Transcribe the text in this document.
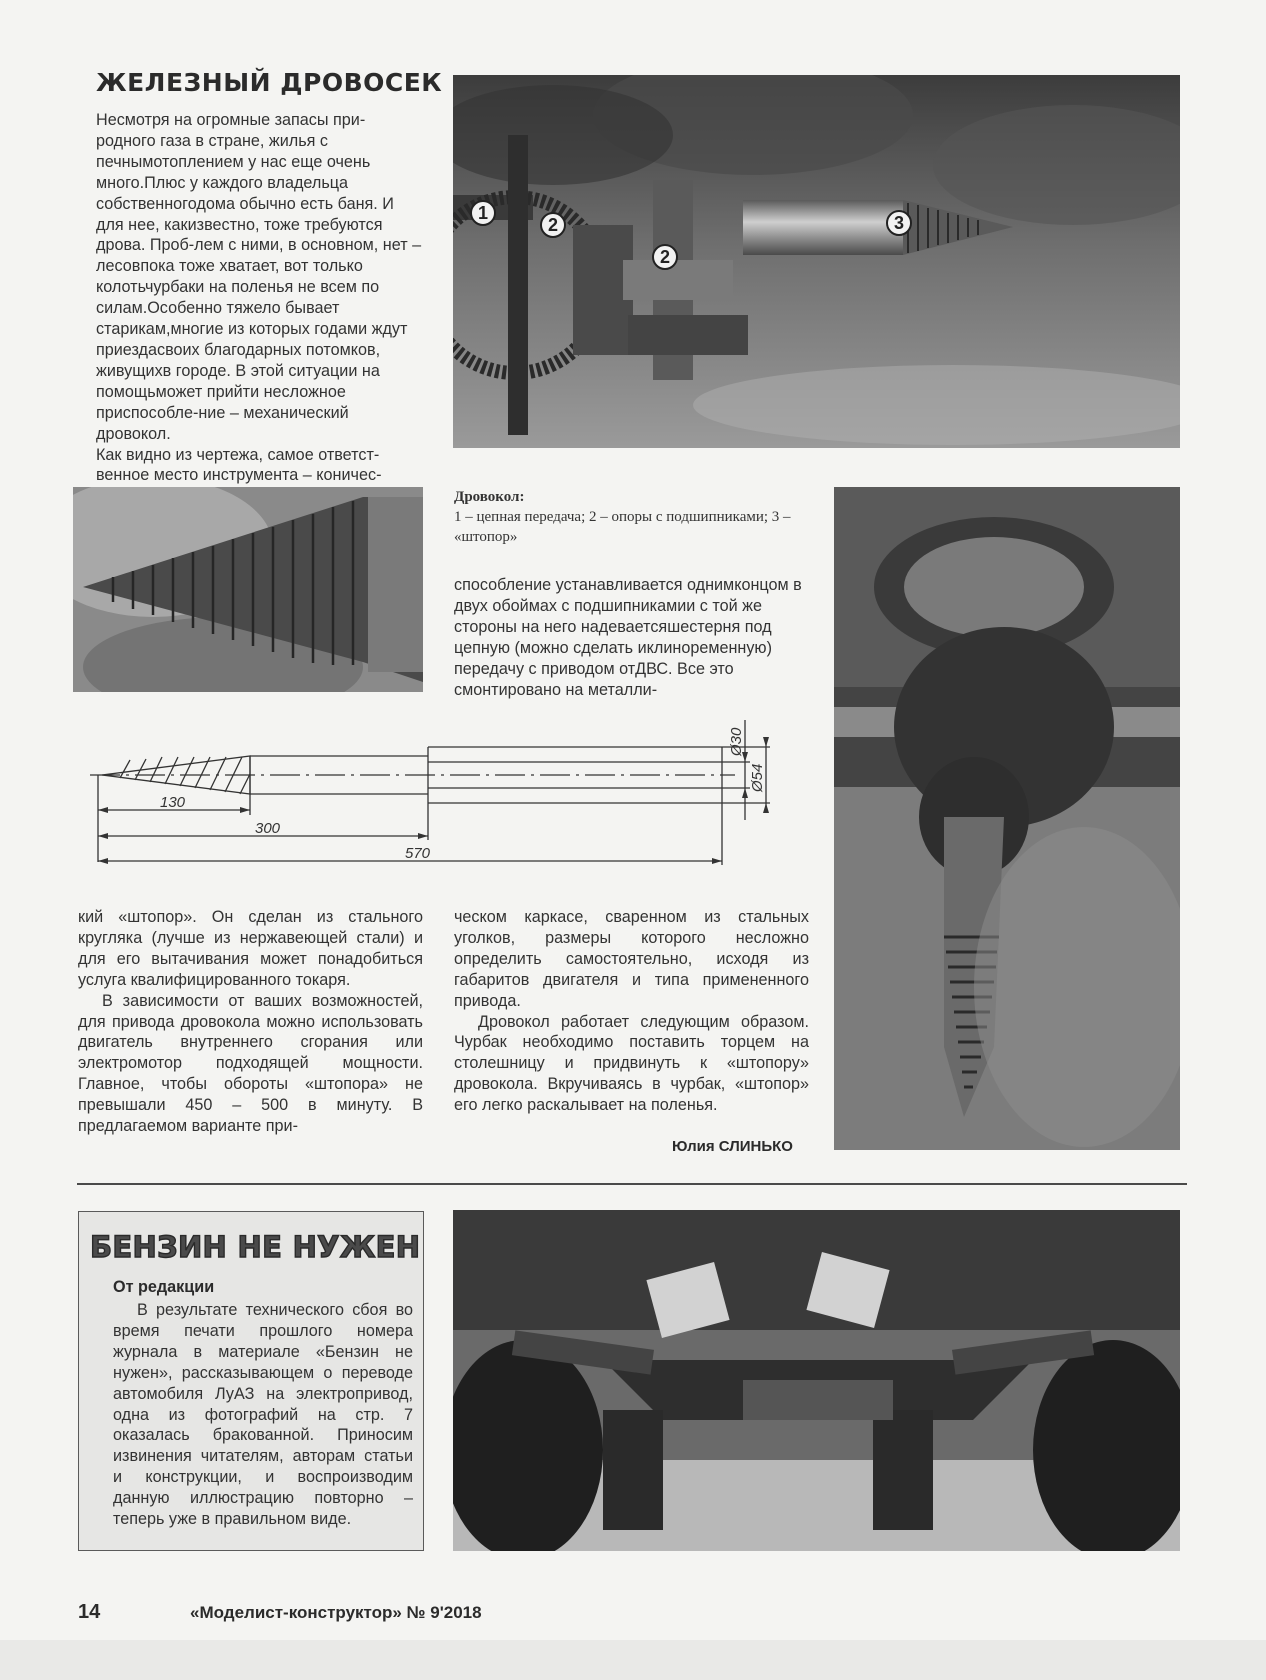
ЖЕЛЕЗНЫЙ ДРОВОСЕК
Несмотря на огромные запасы при-родного газа в стране, жилья с печнымотоплением у нас еще очень много.Плюс у каждого владельца собственногодома обычно есть баня. И для нее, какизвестно, тоже требуются дрова. Проб-лем с ними, в основном, нет – лесовпока тоже хватает, вот только колотьчурбаки на поленья не всем по силам.Особенно тяжело бывает старикам,многие из которых годами ждут приездасвоих благодарных потомков, живущихв городе. В этой ситуации на помощьможет прийти несложное приспособле-ние – механический дровокол.
Как видно из чертежа, самое ответст-венное место инструмента – коничес-
способление устанавливается однимконцом в двух обоймах с подшипникамии с той же стороны на него надеваетсяшестерня под цепную (можно сделать иклиноременную) передачу с приводом отДВС. Все это смонтировано на металли-
1
2
2
3
Дровокол:
1 – цепная передача; 2 – опоры с подшипниками; 3 – «штопор»
130
300
570
Ø30
Ø54

кий «штопор». Он сделан из стального кругляка (лучше из нержавеющей стали) и для его вытачивания может понадобиться услуга квалифицированного токаря.

В зависимости от ваших возможностей, для привода дровокола можно использовать двигатель внутреннего сгорания или электромотор подходящей мощности. Главное, чтобы обороты «штопора» не превышали 450 – 500 в минуту. В предлагаемом варианте при-

ческом каркасе, сваренном из стальных уголков, размеры которого несложно определить самостоятельно, исходя из габаритов двигателя и типа примененного привода.

Дровокол работает следующим образом. Чурбак необходимо поставить торцем на столешницу и придвинуть к «штопору» дровокола. Вкручиваясь в чурбак, «штопор» его легко раскалывает на поленья.

Юлия СЛИНЬКО
БЕНЗИН НЕ НУЖЕН
От редакции

В результате технического сбоя во время печати прошлого номера журнала в материале «Бензин не нужен», рассказывающем о переводе автомобиля ЛуАЗ на электропривод, одна из фотографий на стр. 7 оказалась бракованной. Приносим извинения читателям, авторам статьи и конструкции, и воспроизводим данную иллюстрацию повторно – теперь уже в правильном виде.

14	«Моделист-конструктор» № 9'2018
